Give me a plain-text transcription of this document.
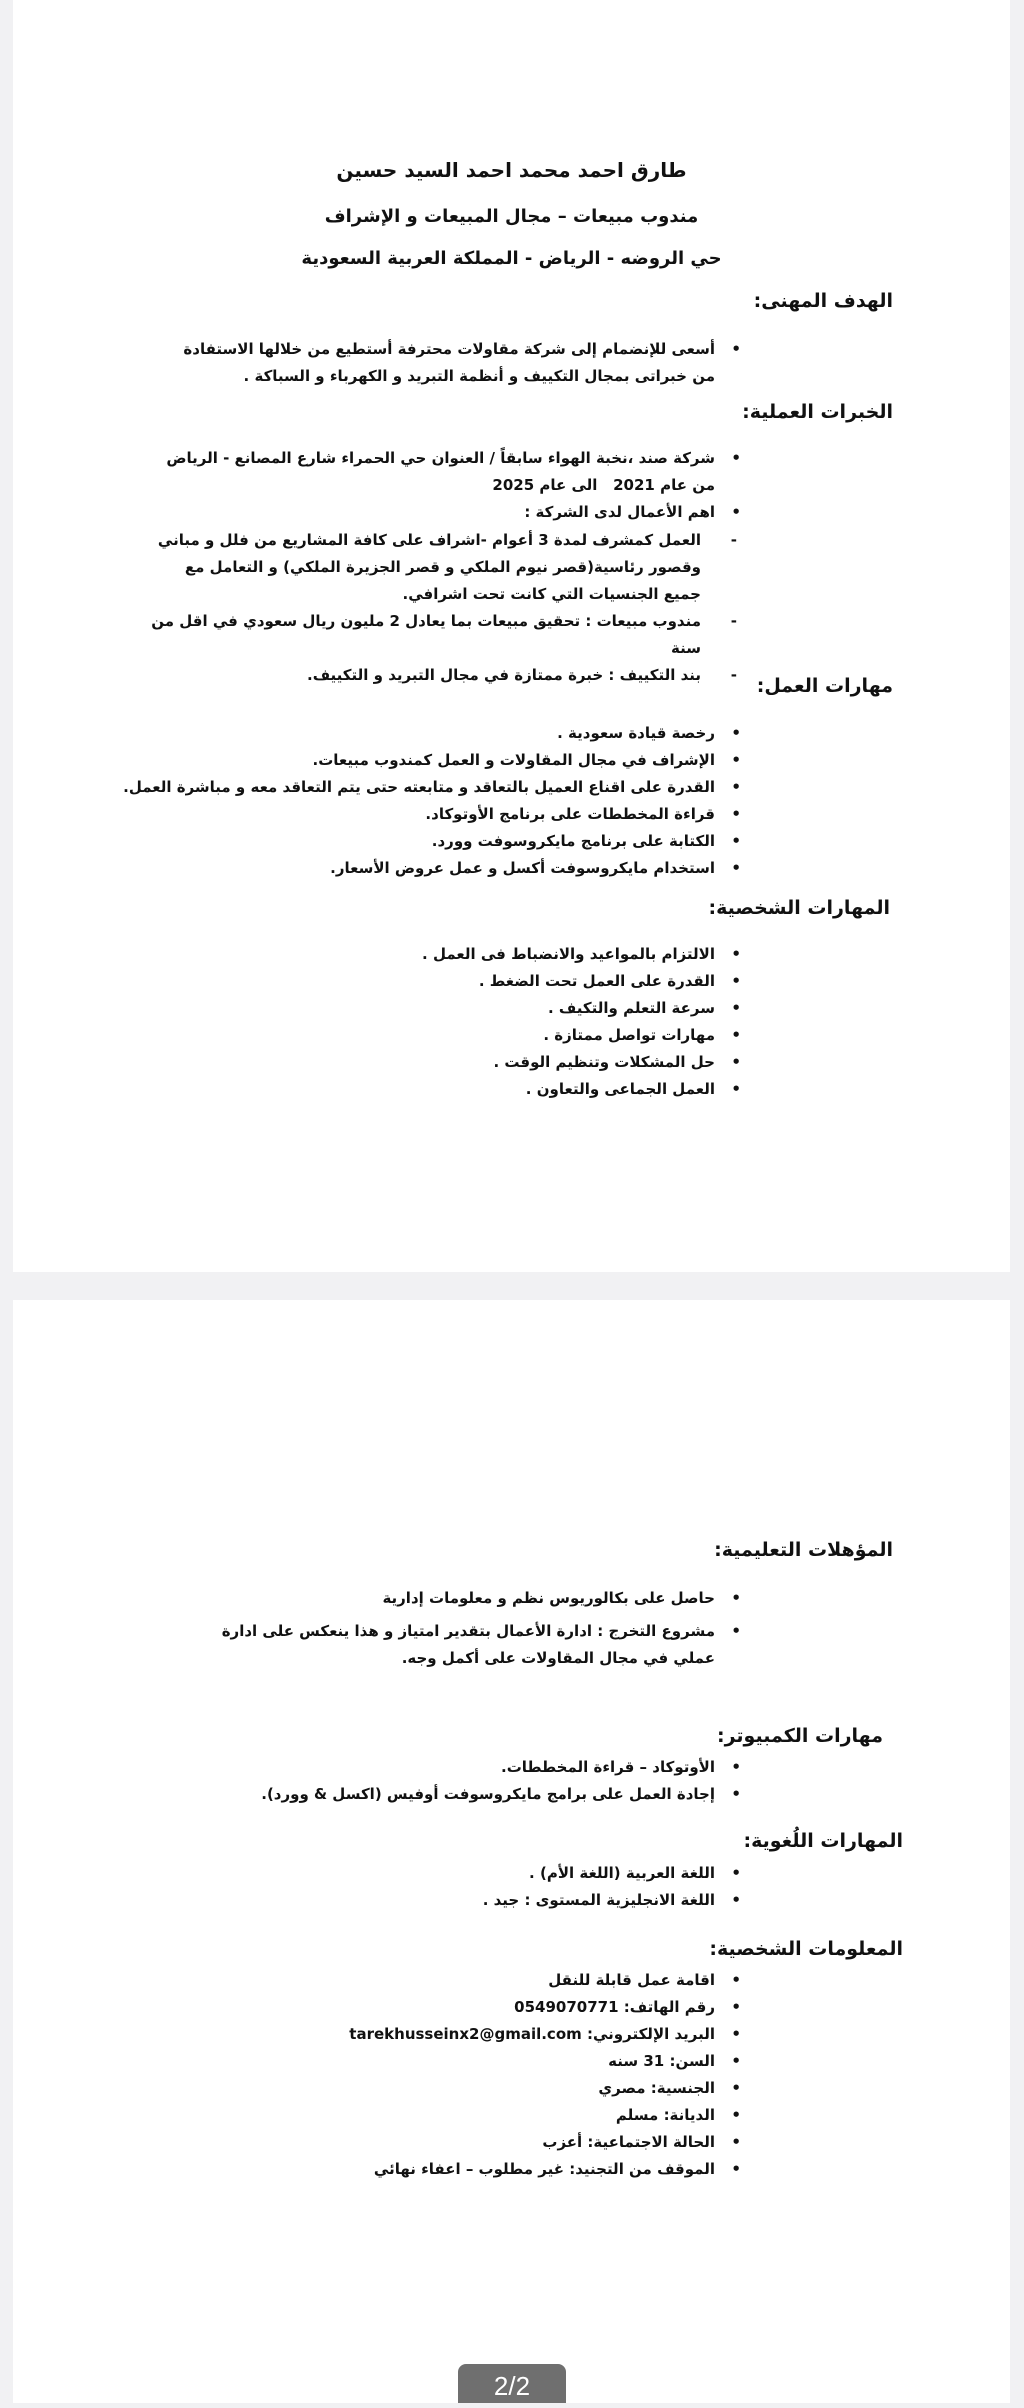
طارق احمد محمد احمد السيد حسين
مندوب مبيعات – مجال المبيعات و الإشراف
حي الروضه - الرياض - المملكة العربية السعودية
الهدف المهنى:
• أسعى للإنضمام إلى شركة مقاولات محترفة أستطيع من خلالها الاستفادة من خبراتى بمجال التكييف و أنظمة التبريد و الكهرباء و السباكة .
الخبرات العملية:
• شركة صند ،نخبة الهواء سابقاً / العنوان حي الحمراء شارع المصانع - الرياض
من عام 2021   الى عام 2025
• اهم الأعمال لدى الشركة :
- العمل كمشرف لمدة 3 أعوام -اشراف على كافة المشاريع من فلل و مباني وقصور رئاسية(قصر نيوم الملكي و قصر الجزيرة الملكي) و التعامل مع جميع الجنسيات التي كانت تحت اشرافي.
- مندوب مبيعات : تحقيق مبيعات بما يعادل 2 مليون ريال سعودي في اقل من سنة
- بند التكييف : خبرة ممتازة في مجال التبريد و التكييف.	مهارات العمل:
• رخصة قيادة سعودية .
• الإشراف في مجال المقاولات و العمل كمندوب مبيعات.
• القدرة على اقناع العميل بالتعاقد و متابعته حتى يتم التعاقد معه و مباشرة العمل.
• قراءة المخططات على برنامج الأوتوكاد.
• الكتابة على برنامج مايكروسوفت وورد.
• استخدام مايكروسوفت أكسل و عمل عروض الأسعار.
المهارات الشخصية:
• الالتزام بالمواعيد والانضباط فى العمل .
• القدرة على العمل تحت الضغط .
• سرعة التعلم والتكيف .
• مهارات تواصل ممتازة .
• حل المشكلات وتنظيم الوقت .
• العمل الجماعى والتعاون .
المؤهلات التعليمية:
• حاصل على بكالوريوس نظم و معلومات إدارية
• مشروع التخرج : ادارة الأعمال بتقدير امتياز و هذا ينعكس على ادارة عملي في مجال المقاولات على أكمل وجه.
مهارات الكمبيوتر:
• الأوتوكاد – قراءة المخططات.
• إجادة العمل على برامج مايكروسوفت أوفيس (اكسل & وورد).
المهارات اللُغوية:
• اللغة العربية (اللغة الأم) .
• اللغة الانجليزية المستوى : جيد .
المعلومات الشخصية:
• اقامة عمل قابلة للنقل
• رقم الهاتف: 0549070771
• البريد الإلكتروني: tarekhusseinx2@gmail.com
• السن: 31 سنه
• الجنسية: مصري
• الديانة: مسلم
• الحالة الاجتماعية: أعزب
• الموقف من التجنيد: غير مطلوب – اعفاء نهائي
2/2
